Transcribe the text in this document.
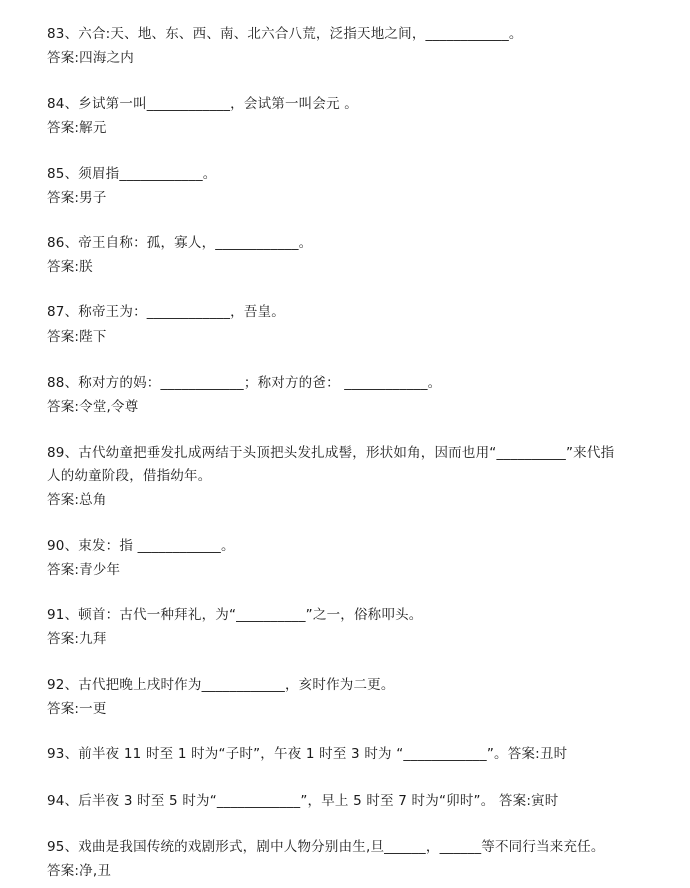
83、六合:天、地、东、西、南、北六合八荒，泛指天地之间，____________。
答案:四海之内
84、乡试第一叫____________，会试第一叫会元 。
答案:解元
85、须眉指____________。
答案:男子
86、帝王自称：孤，寡人，____________。
答案:朕
87、称帝王为：____________，吾皇。
答案:陛下
88、称对方的妈：____________；称对方的爸： ____________。
答案:令堂,令尊
89、古代幼童把垂发扎成两结于头顶把头发扎成髻，形状如角，因而也用“__________”来代指
人的幼童阶段，借指幼年。
答案:总角
90、束发：指 ____________。
答案:青少年
91、顿首：古代一种拜礼，为“__________”之一，俗称叩头。
答案:九拜
92、古代把晚上戌时作为____________，亥时作为二更。
答案:一更
93、前半夜 11 时至 1 时为“子时”，午夜 1 时至 3 时为 “____________”。答案:丑时
94、后半夜 3 时至 5 时为“____________”，早上 5 时至 7 时为“卯时”。 答案:寅时
95、戏曲是我国传统的戏剧形式，剧中人物分别由生,旦______，______等不同行当来充任。
答案:净,丑
